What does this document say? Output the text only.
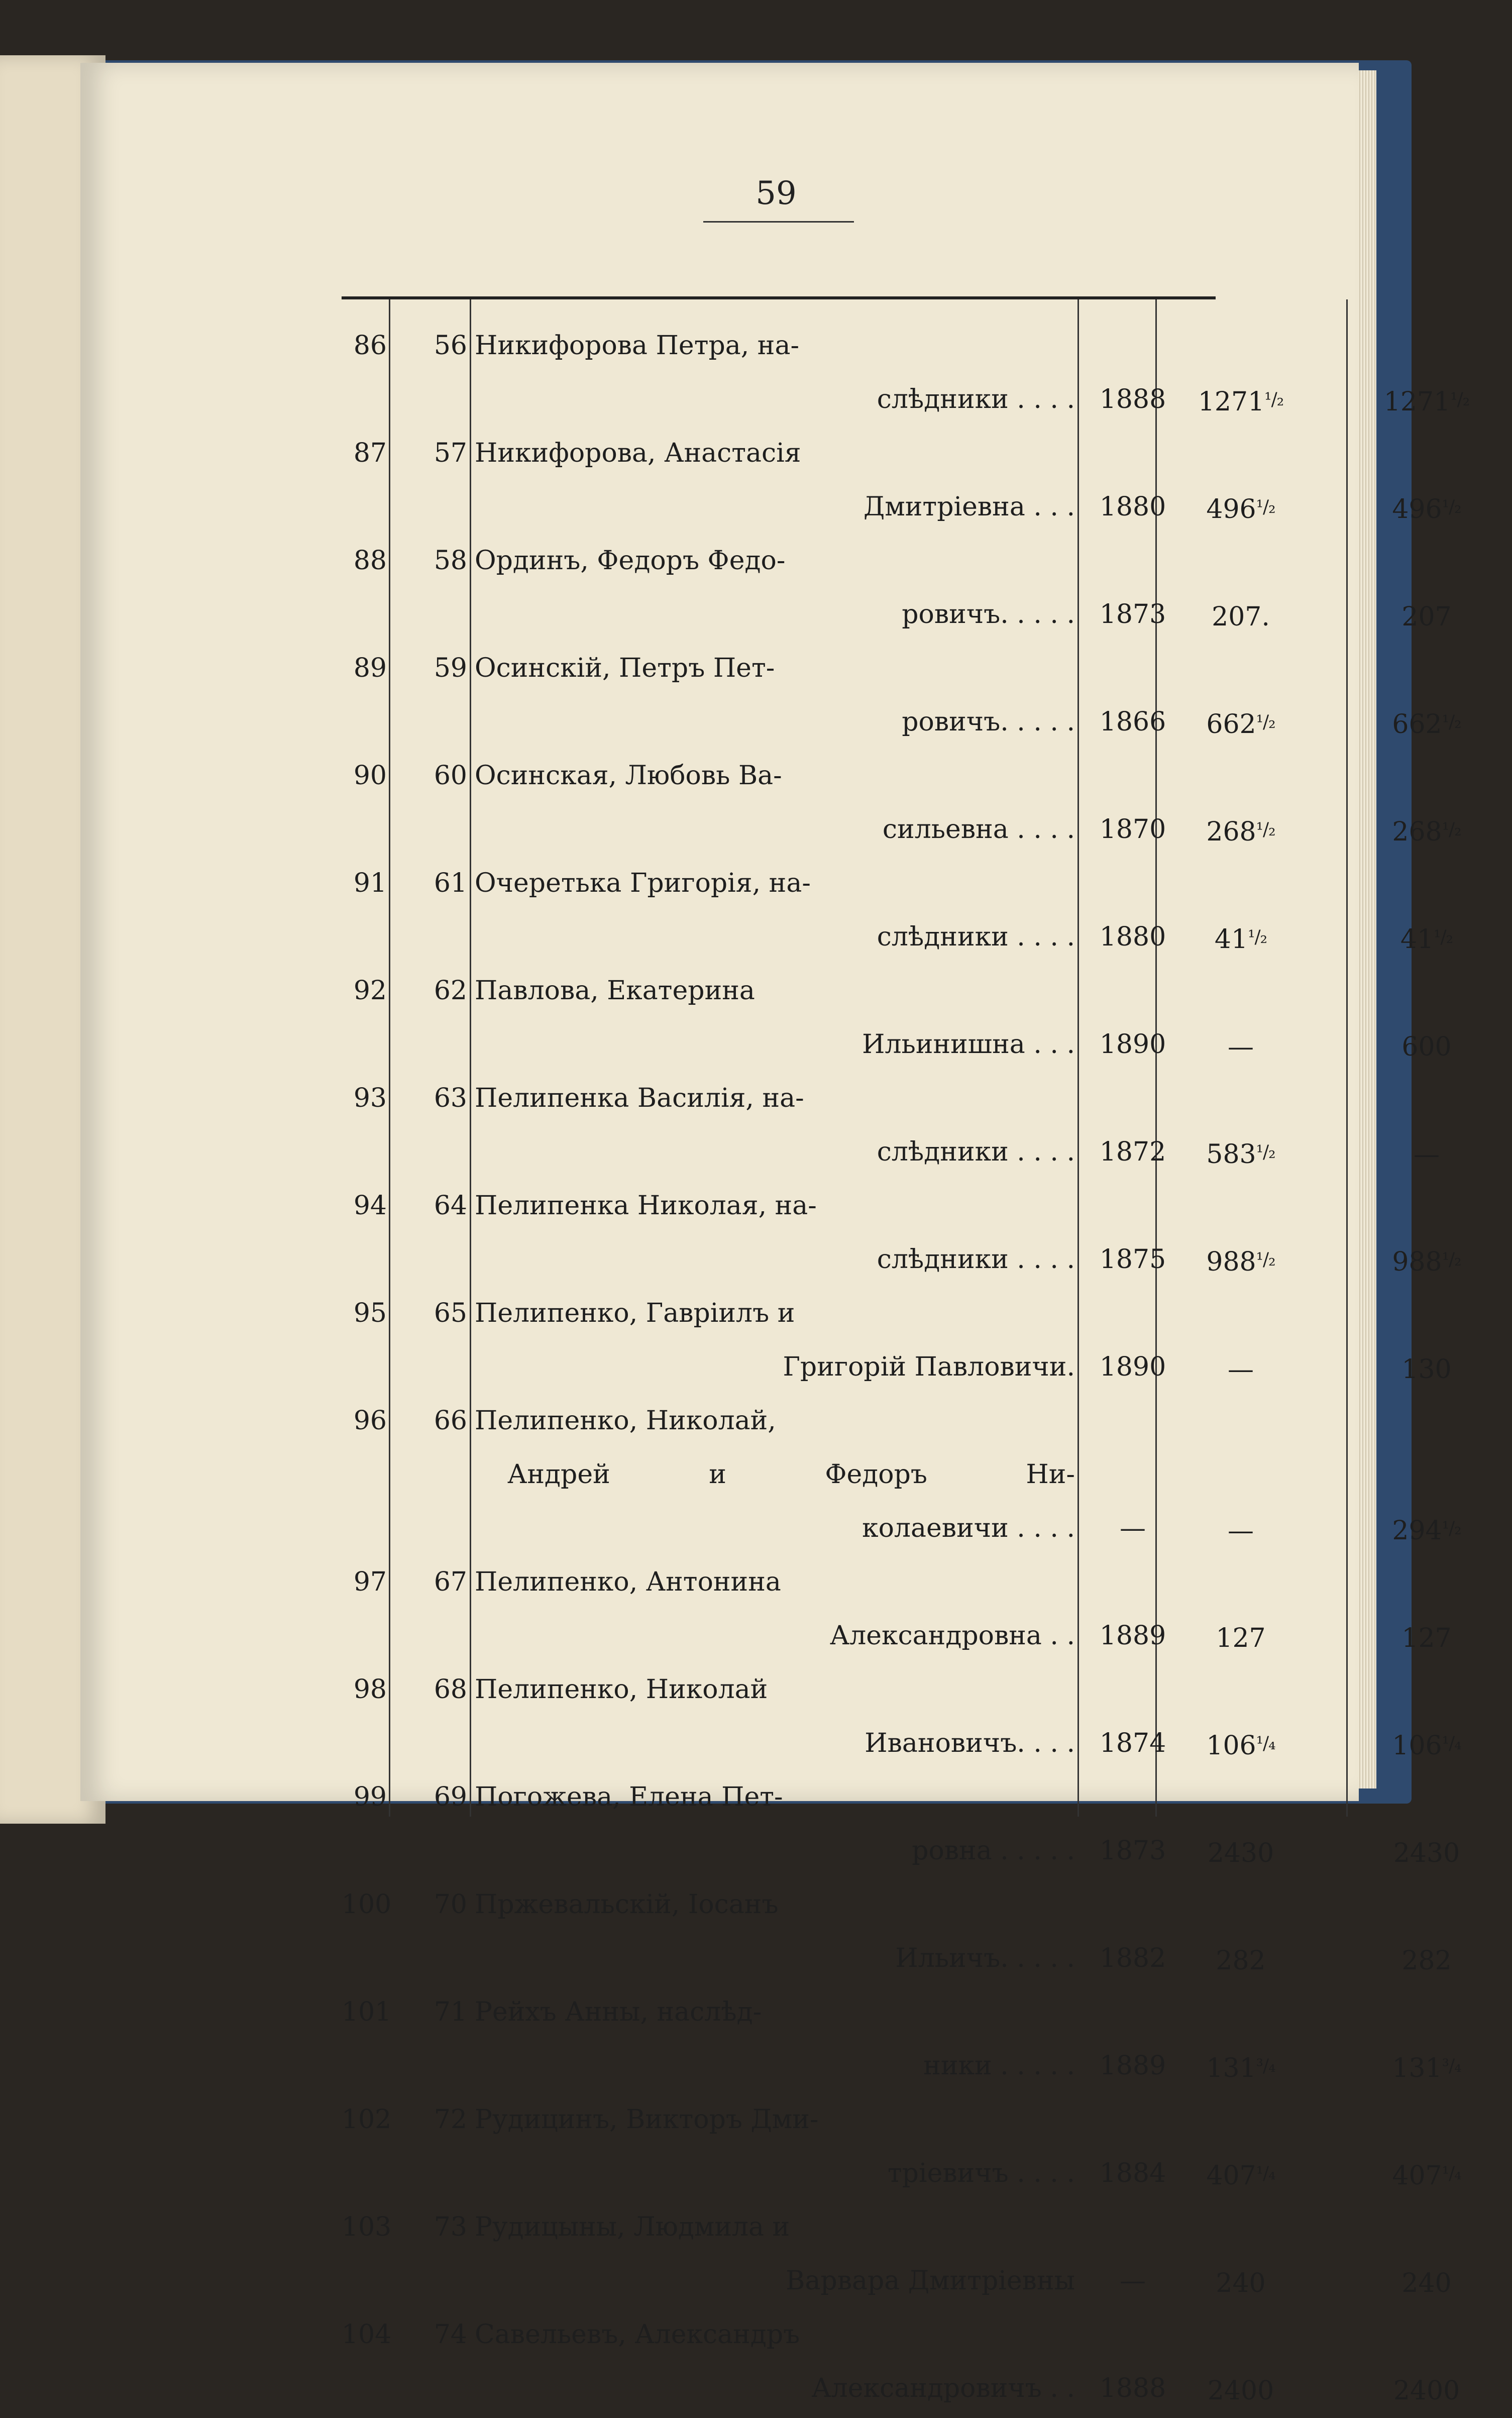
59
86	56 Никифорова Петра, на-
слѣдники . . . . 1888	1271¹/₂	1271¹/₂
87	57 Никифорова, Анастасія
Дмитріевна . . . 1880	496¹/₂	496¹/₂
88	58 Ординъ, Федоръ Федо-
ровичъ. . . . . 1873	207.	207
89	59 Осинскій, Петръ Пет-
ровичъ. . . . . 1866	662¹/₂	662¹/₂
90	60 Осинская, Любовь Ва-
сильевна . . . . 1870	268¹/₂	268¹/₂
91	61 Очеретька Григорія, на-
слѣдники . . . . 1880	41¹/₂	41¹/₂
92	62 Павлова, Екатерина
Ильинишна . . . 1890	—	600
93	63 Пелипенка Василія, на-
слѣдники . . . . 1872	583¹/₂	—
94	64 Пелипенка Николая, на-
слѣдники . . . . 1875	988¹/₂	988¹/₂
95	65 Пелипенко, Гавріилъ и
Григорій Павловичи. 1890	—	130
96	66 Пелипенко, Николай,
Андрей и Федоръ Ни-
колаевичи . . . .	—	—	294¹/₂
97	67 Пелипенко, Антонина
Александровна . . 1889	127	127
98	68 Пелипенко, Николай
Ивановичъ. . . . 1874	106¹/₄	106¹/₄
99	69 Погожева, Елена Пет-
ровна . . . . . 1873	2430	2430
100	70 Пржевальскій, Іосанъ
Ильичъ. . . . . 1882	282	282
101	71 Рейхъ Анны, наслѣд-
ники . . . . . 1889	131³/₄	131³/₄
102	72 Рудицинъ, Викторъ Дми-
тріевичъ . . . . 1884	407¹/₄	407¹/₄
103	73 Рудицыны, Людмила и
Варвара Дмитріевны	—	240	240
104	74 Савельевъ, Александръ
Александровичъ . . 1888	2400	2400
